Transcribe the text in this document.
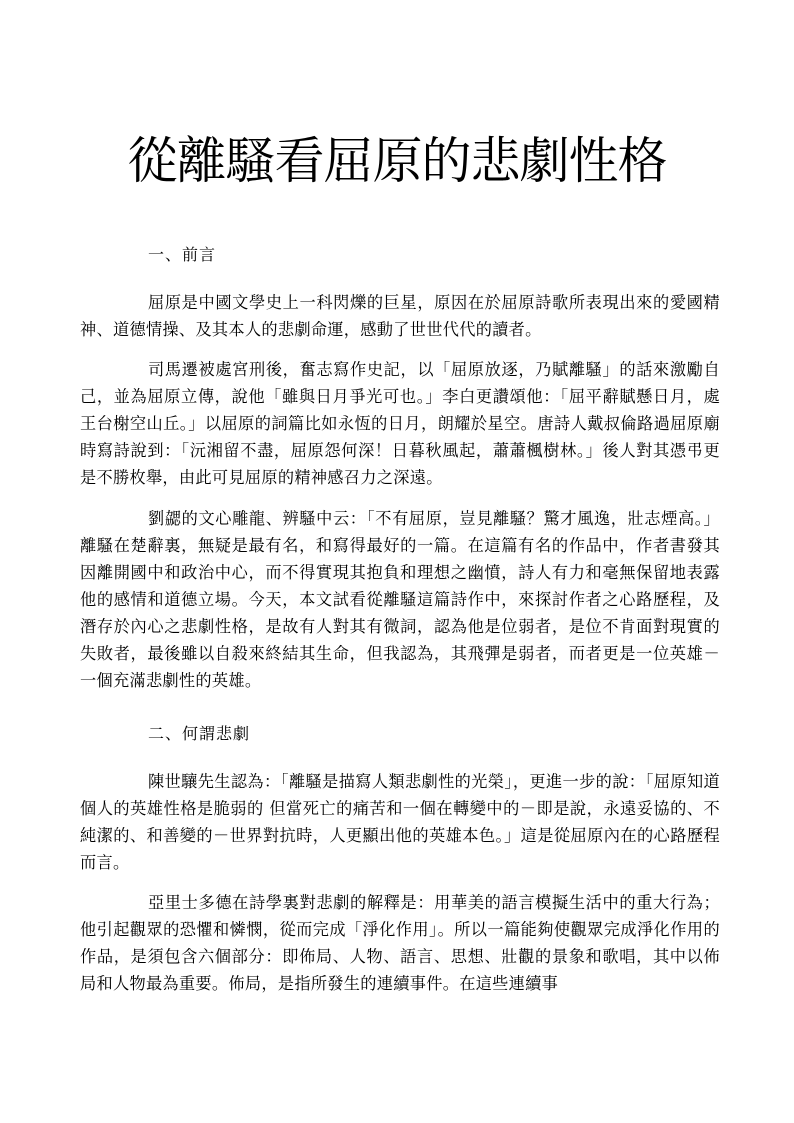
從離騷看屈原的悲劇性格
一、前言
屈原是中國文學史上一科閃爍的巨星，原因在於屈原詩歌所表現出來的愛國精神、道德情操、及其本人的悲劇命運，感動了世世代代的讀者。
司馬遷被處宮刑後，奮志寫作史記，以「屈原放逐，乃賦離騷」的話來激勵自己，並為屈原立傳，說他「雖與日月爭光可也。」李白更讚頌他：「屈平辭賦懸日月，處王台榭空山丘。」以屈原的詞篇比如永恆的日月，朗耀於星空。唐詩人戴叔倫路過屈原廟時寫詩說到：「沅湘留不盡，屈原怨何深！日暮秋風起，蕭蕭楓樹林。」後人對其憑弔更是不勝枚舉，由此可見屈原的精神感召力之深遠。
劉勰的文心雕龍、辨騷中云：「不有屈原，豈見離騷？驚才風逸，壯志煙高。」離騷在楚辭裏，無疑是最有名，和寫得最好的一篇。在這篇有名的作品中，作者書發其因離開國中和政治中心，而不得實現其抱負和理想之幽憤，詩人有力和毫無保留地表露他的感情和道德立場。今天，本文試看從離騷這篇詩作中，來探討作者之心路歷程，及潛存於內心之悲劇性格，是故有人對其有微詞，認為他是位弱者，是位不肯面對現實的失敗者，最後雖以自殺來終結其生命，但我認為，其飛彈是弱者，而者更是一位英雄－一個充滿悲劇性的英雄。
二、何謂悲劇
陳世驤先生認為：「離騷是描寫人類悲劇性的光榮」，更進一步的說：「屈原知道個人的英雄性格是脆弱的 但當死亡的痛苦和一個在轉變中的－即是說，永遠妥協的、不純潔的、和善變的－世界對抗時，人更顯出他的英雄本色。」這是從屈原內在的心路歷程而言。
亞里士多德在詩學裏對悲劇的解釋是：用華美的語言模擬生活中的重大行為；他引起觀眾的恐懼和憐憫，從而完成「淨化作用」。所以一篇能夠使觀眾完成淨化作用的作品，是須包含六個部分：即佈局、人物、語言、思想、壯觀的景象和歌唱，其中以佈局和人物最為重要。佈局，是指所發生的連續事件。在這些連續事
